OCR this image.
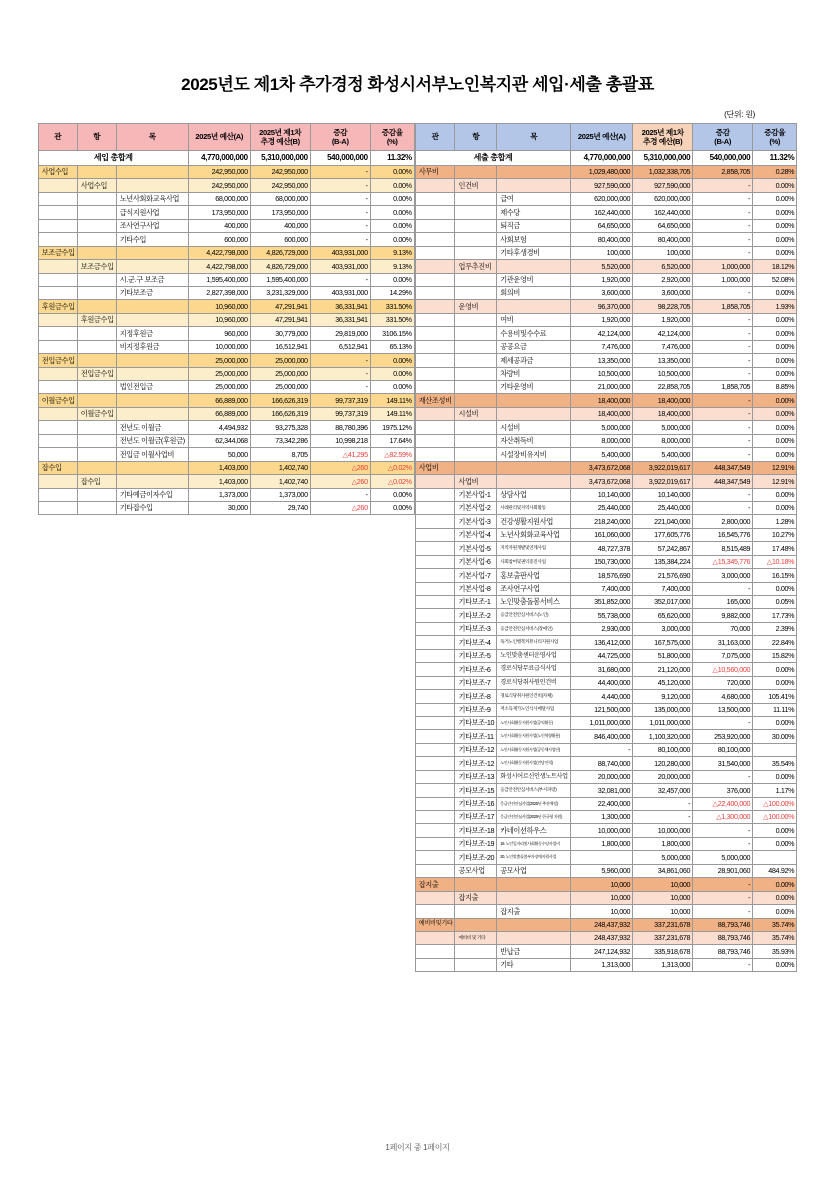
2025년도 제1차 추가경정 화성시서부노인복지관 세입·세출 총괄표
(단위: 원)
관	항	목	2025년 예산(A)	2025년 제1차
추경 예산(B)	증감
(B-A)	증감율
(%)
세입 총합계			4,770,000,000	5,310,000,000	540,000,000	11.32%
사업수입			242,950,000	242,950,000	-	0.00%
	사업수입		242,950,000	242,950,000	-	0.00%
		노년사회화교육사업	68,000,000	68,000,000	-	0.00%
		급식지원사업	173,950,000	173,950,000	-	0.00%
		조사연구사업	400,000	400,000	-	0.00%
		기타수입	600,000	600,000	-	0.00%
보조금수입			4,422,798,000	4,826,729,000	403,931,000	9.13%
	보조금수입		4,422,798,000	4,826,729,000	403,931,000	9.13%
		시.군.구 보조금	1,595,400,000	1,595,400,000	-	0.00%
		기타보조금	2,827,398,000	3,231,329,000	403,931,000	14.29%
후원금수입			10,960,000	47,291,941	36,331,941	331.50%
	후원금수입		10,960,000	47,291,941	36,331,941	331.50%
		지정후원금	960,000	30,779,000	29,819,000	3106.15%
		비지정후원금	10,000,000	16,512,941	6,512,941	65.13%
전입금수입			25,000,000	25,000,000	-	0.00%
	전입금수입		25,000,000	25,000,000	-	0.00%
		법인전입금	25,000,000	25,000,000	-	0.00%
이월금수입			66,889,000	166,626,319	99,737,319	149.11%
	이월금수입		66,889,000	166,626,319	99,737,319	149.11%
		전년도 이월금	4,494,932	93,275,328	88,780,396	1975.12%
		전년도 이월금(후원금)	62,344,068	73,342,286	10,998,218	17.64%
		전입금 이월사업비	50,000	8,705	△41,295	△82.59%
잡수입			1,403,000	1,402,740	△260	△0.02%
	잡수입		1,403,000	1,402,740	△260	△0.02%
		기타예금이자수입	1,373,000	1,373,000	-	0.00%
		기타잡수입	30,000	29,740	△260	0.00%

관	항	목	2025년 예산(A)	2025년 제1차
추경 예산(B)	증감
(B-A)	증감율
(%)
세출 총합계			4,770,000,000	5,310,000,000	540,000,000	11.32%
사무비			1,029,480,000	1,032,338,705	2,858,705	0.28%
	인건비		927,590,000	927,590,000	-	0.00%
		급여	620,000,000	620,000,000	-	0.00%
		제수당	162,440,000	162,440,000	-	0.00%
		퇴직금	64,650,000	64,650,000	-	0.00%
		사회보험	80,400,000	80,400,000	-	0.00%
		기타후생경비	100,000	100,000	-	0.00%
	업무추진비		5,520,000	6,520,000	1,000,000	18.12%
		기관운영비	1,920,000	2,920,000	1,000,000	52.08%
		회의비	3,600,000	3,600,000	-	0.00%
	운영비		96,370,000	98,228,705	1,858,705	1.93%
		여비	1,920,000	1,920,000	-	0.00%
		수용비및수수료	42,124,000	42,124,000	-	0.00%
		공공요금	7,476,000	7,476,000	-	0.00%
		제세공과금	13,350,000	13,350,000	-	0.00%
		차량비	10,500,000	10,500,000	-	0.00%
		기타운영비	21,000,000	22,858,705	1,858,705	8.85%
재산조성비			18,400,000	18,400,000	-	0.00%
	시설비		18,400,000	18,400,000	-	0.00%
		시설비	5,000,000	5,000,000	-	0.00%
		자산취득비	8,000,000	8,000,000	-	0.00%
		시설장비유지비	5,400,000	5,400,000	-	0.00%
사업비			3,473,672,068	3,922,019,617	448,347,549	12.91%
	사업비		3,473,672,068	3,922,019,617	448,347,549	12.91%
	기본사업-1	상담사업	10,140,000	10,140,000	-	0.00%
	기본사업-2	사례관리및지역사회활동	25,440,000	25,440,000	-	0.00%
	기본사업-3	건강생활지원사업	218,240,000	221,040,000	2,800,000	1.28%
	기본사업-4	노년사회화교육사업	161,060,000	177,605,776	16,545,776	10.27%
	기본사업-5	지역자원개발및연계사업	48,727,378	57,242,867	8,515,489	17.48%
	기본사업-6	사회참여및권익증진사업	150,730,000	135,384,224	△15,345,776	△10.18%
	기본사업-7	홍보출판사업	18,576,690	21,576,690	3,000,000	16.15%
	기본사업-8	조사연구사업	7,400,000	7,400,000	-	0.00%
	기타보조-1	노인맞춤돌봄서비스	351,852,000	352,017,000	165,000	0.05%
	기타보조-2	응급안전안심서비스(노인)	55,738,000	65,620,000	9,882,000	17.73%
	기타보조-3	응급안전안심서비스(장애인)	2,930,000	3,000,000	70,000	2.39%
	기타보조-4	독거노인행복커뮤니티지원사업	136,412,000	167,575,000	31,163,000	22.84%
	기타보조-5	노인맞춤센터운영사업	44,725,000	51,800,000	7,075,000	15.82%
	기타보조-6	경로식당무료급식사업	31,680,000	21,120,000	△10,560,000	0.00%
	기타보조-7	경로식당취사원인건비	44,400,000	45,120,000	720,000	0.00%
	기타보조-8	경로식당취사원인건비(자체)	4,440,000	9,120,000	4,680,000	105.41%
	기타보조-9	저소득재가노인식사배달사업	121,500,000	135,000,000	13,500,000	11.11%
	기타보조-10	노인사회활동지원사업(공익활동)	1,011,000,000	1,011,000,000	-	0.00%
	기타보조-11	노인사회활동지원사업(노인역량활용)	846,400,000	1,100,320,000	253,920,000	30.00%
	기타보조-12	노인사회활동지원사업(공동체사업단)	-	80,100,000	80,100,000	
	기타보조-12	노인사회활동지원사업(전담인력)	88,740,000	120,280,000	31,540,000	35.54%
	기타보조-13	화성시어르신인생노트사업	20,000,000	20,000,000	-	0.00%
	기타보조-15	응급안전안심서비스(부시파랑)	32,081,000	32,457,000	376,000	1.17%
	기타보조-16	응급안전안심사업(2025년 추진예정)	22,400,000	-	△22,400,000	△100.00%
	기타보조-17	응급안전안심사업(2025년 한국형 지원)	1,300,000	-	△1,300,000	△100.00%
	기타보조-18	카네이션하우스	10,000,000	10,000,000	-	0.00%
	기타보조-19	19. 노인일자리및사회활동수당사업비	1,800,000	1,800,000	-	0.00%
	기타보조-20	20. 노인맞춤돌봄부자장애지원사업		5,000,000	5,000,000	
	공모사업	공모사업	5,960,000	34,861,060	28,901,060	484.92%
잡지출			10,000	10,000	-	0.00%
	잡지출		10,000	10,000	-	0.00%
		잡지출	10,000	10,000	-	0.00%
예비비및기타			248,437,932	337,231,678	88,793,746	35.74%
	예비비 및 기타		248,437,932	337,231,678	88,793,746	35.74%
		반납금	247,124,932	335,918,678	88,793,746	35.93%
		기타	1,313,000	1,313,000	-	0.00%
1페이지 중 1페이지
